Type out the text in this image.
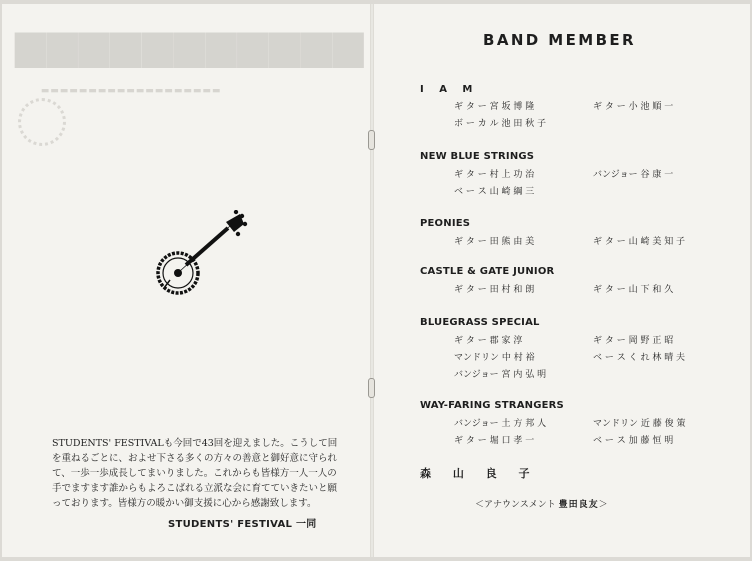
▆▆▆▆▆▆▆▆▆▆▆
▬▬▬▬▬▬▬▬▬▬▬▬▬▬▬▬▬▬▬

STUDENTS' FESTIVALも今回で43回を迎えました。こうして回を重ねるごとに、およせ下さる多くの方々の善意と御好意に守られて、一歩一歩成長してまいりました。これからも皆様方一人一人の手でますます誰からもよろこばれる立派な会に育てていきたいと願っております。皆様方の暖かい御支援に心から感謝致します。

STUDENTS' FESTIVAL 一同
BAND MEMBER
I A M
ギ タ ー 宮 坂 博 隆	ギ タ ー 小 池 順 一
ボ ー カ ル 池 田 秋 子
NEW BLUE STRINGS
ギ タ ー 村 上 功 治	バンジョー 谷 康 一
ベ ー ス 山 崎 綱 三
PEONIES
ギ タ ー 田 熊 由 美	ギ タ ー 山 崎 美 知 子
CASTLE & GATE JUNIOR
ギ タ ー 田 村 和 朗	ギ タ ー 山 下 和 久
BLUEGRASS SPECIAL
ギ タ ー 郡 家 淳	ギ タ ー 岡 野 正 昭
マンドリン 中 村 裕	ベ ー ス く れ 林 晴 夫
バンジョー 宮 内 弘 明
WAY-FARING STRANGERS
バンジョー 土 方 邦 人	マンドリン 近 藤 俊 策
ギ タ ー 堀 口 孝 一	ベ ー ス 加 藤 恒 明
森 山 良 子
＜アナウンスメント 豊田良友＞
